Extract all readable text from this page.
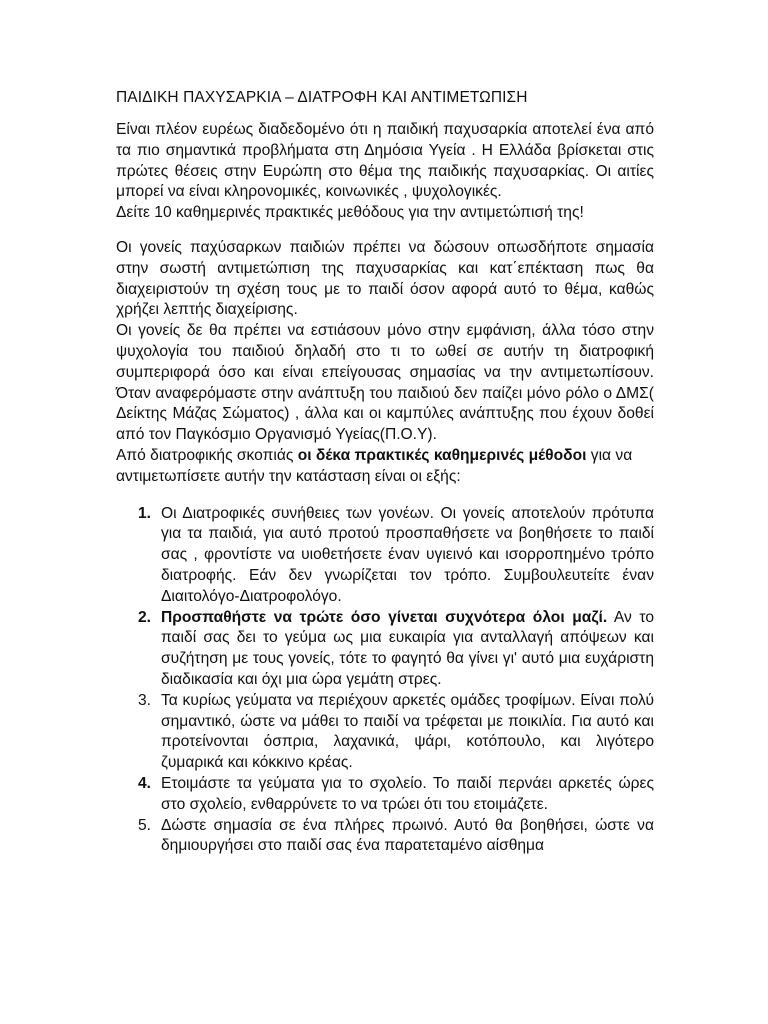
ΠΑΙΔΙΚΗ ΠΑΧΥΣΑΡΚΙΑ – ΔΙΑΤΡΟΦΗ ΚΑΙ ΑΝΤΙΜΕΤΩΠΙΣΗ

Είναι πλέον ευρέως διαδεδομένο ότι η παιδική παχυσαρκία αποτελεί ένα από τα πιο σημαντικά προβλήματα στη Δημόσια Υγεία . Η Ελλάδα βρίσκεται στις πρώτες θέσεις στην Ευρώπη στο θέμα της παιδικής παχυσαρκίας. Οι αιτίες μπορεί να είναι κληρονομικές, κοινωνικές , ψυχολογικές.

Δείτε 10 καθημερινές πρακτικές μεθόδους για την αντιμετώπισή της!

Οι γονείς παχύσαρκων παιδιών πρέπει να δώσουν οπωσδήποτε σημασία στην σωστή αντιμετώπιση της παχυσαρκίας και κατ΄επέκταση πως θα διαχειριστούν τη σχέση τους με το παιδί όσον αφορά αυτό το θέμα, καθώς χρήζει λεπτής διαχείρισης.

Οι γονείς δε θα πρέπει να εστιάσουν μόνο στην εμφάνιση, άλλα τόσο στην ψυχολογία του παιδιού δηλαδή στο τι το ωθεί σε αυτήν τη διατροφική συμπεριφορά όσο και είναι επείγουσας σημασίας να την αντιμετωπίσουν. Όταν αναφερόμαστε στην ανάπτυξη του παιδιού δεν παίζει μόνο ρόλο ο ΔΜΣ( Δείκτης Μάζας Σώματος) , άλλα και οι καμπύλες ανάπτυξης που έχουν δοθεί από τον Παγκόσμιο Οργανισμό Υγείας(Π.Ο.Υ).

Από διατροφικής σκοπιάς οι δέκα πρακτικές καθημερινές μέθοδοι για να αντιμετωπίσετε αυτήν την κατάσταση είναι οι εξής:

1. Οι Διατροφικές συνήθειες των γονέων. Οι γονείς αποτελούν πρότυπα για τα παιδιά, για αυτό προτού προσπαθήσετε να βοηθήσετε το παιδί σας , φροντίστε να υιοθετήσετε έναν υγιεινό και ισορροπημένο τρόπο διατροφής. Εάν δεν γνωρίζεται τον τρόπο. Συμβουλευτείτε έναν Διαιτολόγο-Διατροφολόγο.
2. Προσπαθήστε να τρώτε όσο γίνεται συχνότερα όλοι μαζί. Αν το παιδί σας δει το γεύμα ως μια ευκαιρία για ανταλλαγή απόψεων και συζήτηση με τους γονείς, τότε το φαγητό θα γίνει γι' αυτό μια ευχάριστη διαδικασία και όχι μια ώρα γεμάτη στρες.
3. Τα κυρίως γεύματα να περιέχουν αρκετές ομάδες τροφίμων. Είναι πολύ σημαντικό, ώστε να μάθει το παιδί να τρέφεται με ποικιλία. Για αυτό και προτείνονται όσπρια, λαχανικά, ψάρι, κοτόπουλο, και λιγότερο ζυμαρικά και κόκκινο κρέας.
4. Ετοιμάστε τα γεύματα για το σχολείο. Το παιδί περνάει αρκετές ώρες στο σχολείο, ενθαρρύνετε το να τρώει ότι του ετοιμάζετε.
5. Δώστε σημασία σε ένα πλήρες πρωινό. Αυτό θα βοηθήσει, ώστε να δημιουργήσει στο παιδί σας ένα παρατεταμένο αίσθημα
